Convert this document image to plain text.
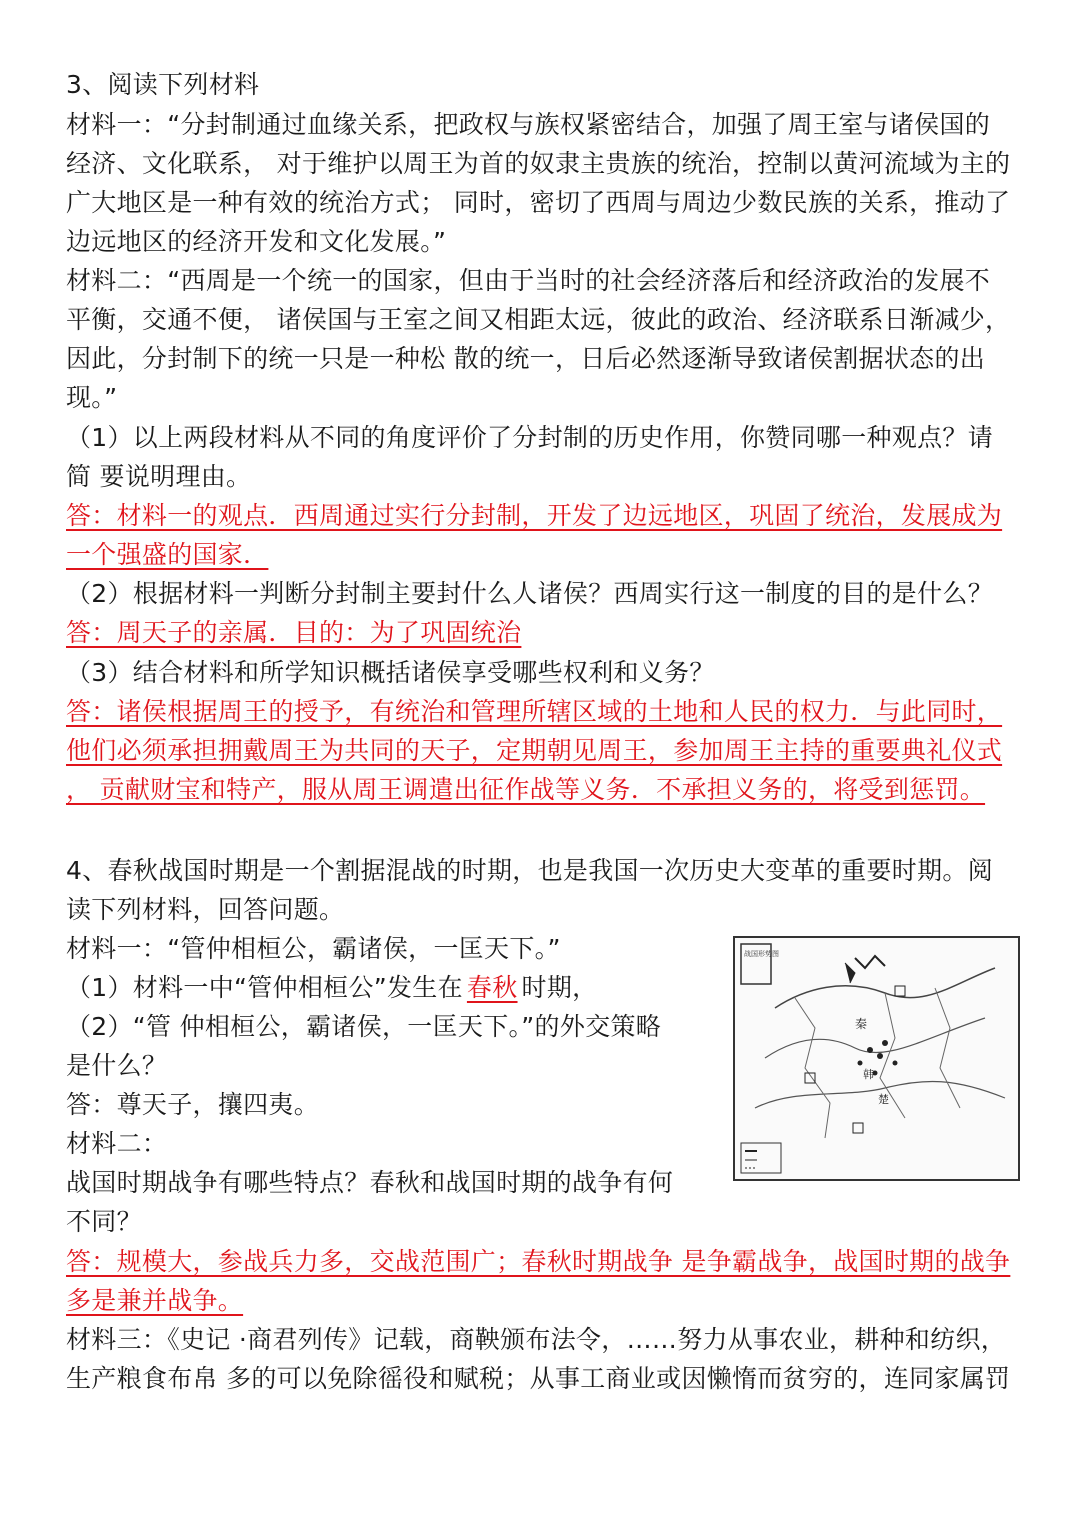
3、阅读下列材料

材料一：“分封制通过血缘关系，把政权与族权紧密结合，加强了周王室与诸侯国的

经济、文化联系， 对于维护以周王为首的奴隶主贵族的统治，控制以黄河流域为主的

广大地区是一种有效的统治方式； 同时，密切了西周与周边少数民族的关系，推动了

边远地区的经济开发和文化发展。”

材料二：“西周是一个统一的国家，但由于当时的社会经济落后和经济政治的发展不

平衡，交通不便， 诸侯国与王室之间又相距太远，彼此的政治、经济联系日渐减少，

因此，分封制下的统一只是一种松 散的统一，日后必然逐渐导致诸侯割据状态的出

现。”

（1）以上两段材料从不同的角度评价了分封制的历史作用，你赞同哪一种观点？请

简 要说明理由。

答：材料一的观点．西周通过实行分封制，开发了边远地区，巩固了统治，发展成为

一个强盛的国家．

（2）根据材料一判断分封制主要封什么人诸侯？西周实行这一制度的目的是什么？

答：周天子的亲属．目的：为了巩固统治

（3）结合材料和所学知识概括诸侯享受哪些权利和义务？

答：诸侯根据周王的授予，有统治和管理所辖区域的土地和人民的权力．与此同时，

他们必须承担拥戴周王为共同的天子，定期朝见周王，参加周王主持的重要典礼仪式

， 贡献财宝和特产，服从周王调遣出征作战等义务．不承担义务的，将受到惩罚。

4、春秋战国时期是一个割据混战的时期，也是我国一次历史大变革的重要时期。阅

读下列材料，回答问题。

材料一：“管仲相桓公，霸诸侯，一匡天下。”

（1）材料一中“管仲相桓公”发生在 春秋 时期，

（2）“管 仲相桓公，霸诸侯，一匡天下。”的外交策略

是什么？

答：尊天子，攘四夷。

材料二：

战国时期战争有哪些特点？春秋和战国时期的战争有何

不同？

答：规模大，参战兵力多，交战范围广；春秋时期战争 是争霸战争，战国时期的战争

多是兼并战争。

材料三：《史记 ·商君列传》记载，商鞅颁布法令，……努力从事农业，耕种和纺织，

生产粮食布帛 多的可以免除徭役和赋税；从事工商业或因懒惰而贫穷的，连同家属罚

战国形势图
秦
韩
楚
